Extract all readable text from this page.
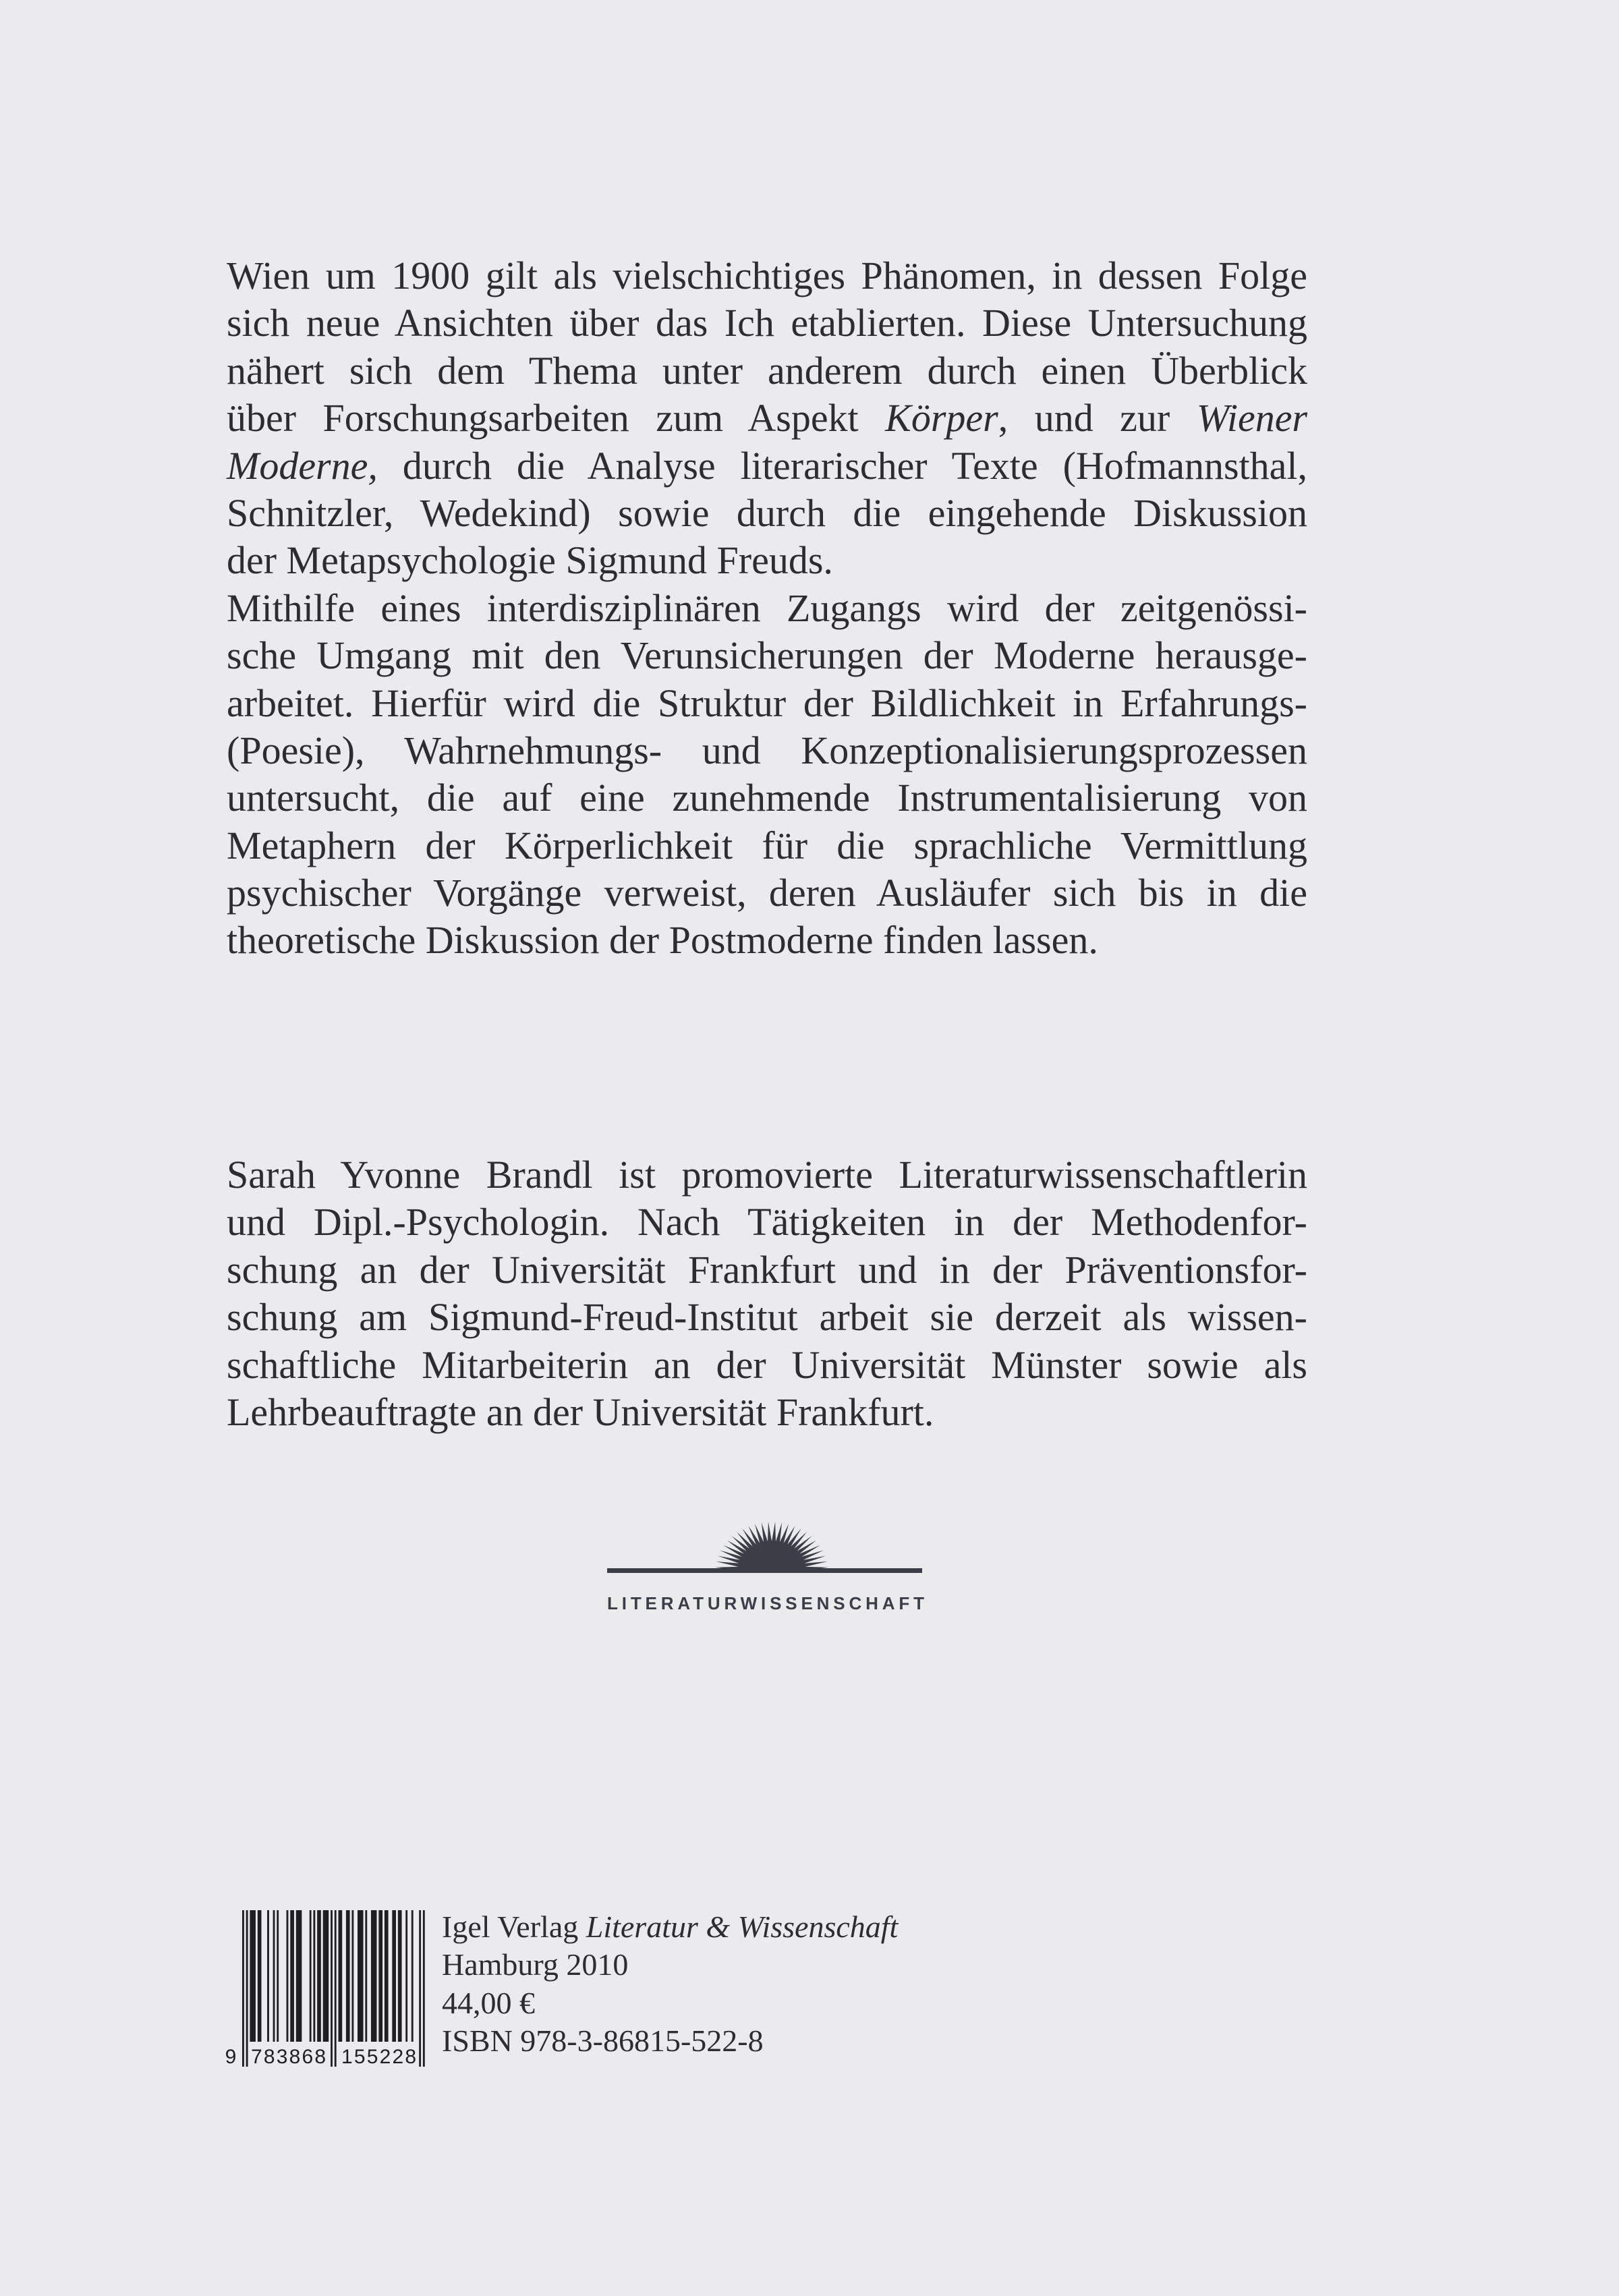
Wien um 1900 gilt als vielschichtiges Phänomen, in dessen Folge
sich neue Ansichten über das Ich etablierten. Diese Untersuchung
nähert sich dem Thema unter anderem durch einen Überblick
über Forschungsarbeiten zum Aspekt Körper, und zur Wiener
Moderne, durch die Analyse literarischer Texte (Hofmannsthal,
Schnitzler, Wedekind) sowie durch die eingehende Diskussion
der Metapsychologie Sigmund Freuds.
Mithilfe eines interdisziplinären Zugangs wird der zeitgenössi-
sche Umgang mit den Verunsicherungen der Moderne herausge-
arbeitet. Hierfür wird die Struktur der Bildlichkeit in Erfahrungs-
(Poesie), Wahrnehmungs- und Konzeptionalisierungsprozessen
untersucht, die auf eine zunehmende Instrumentalisierung von
Metaphern der Körperlichkeit für die sprachliche Vermittlung
psychischer Vorgänge verweist, deren Ausläufer sich bis in die
theoretische Diskussion der Postmoderne finden lassen.
Sarah Yvonne Brandl ist promovierte Literaturwissenschaftlerin
und Dipl.-Psychologin. Nach Tätigkeiten in der Methodenfor-
schung an der Universität Frankfurt und in der Präventionsfor-
schung am Sigmund-Freud-Institut arbeit sie derzeit als wissen-
schaftliche Mitarbeiterin an der Universität Münster sowie als
Lehrbeauftragte an der Universität Frankfurt.
LITERATURWISSENSCHAFT
9 783868 155228
Igel Verlag Literatur & Wissenschaft
Hamburg 2010
44,00 €
ISBN 978-3-86815-522-8
